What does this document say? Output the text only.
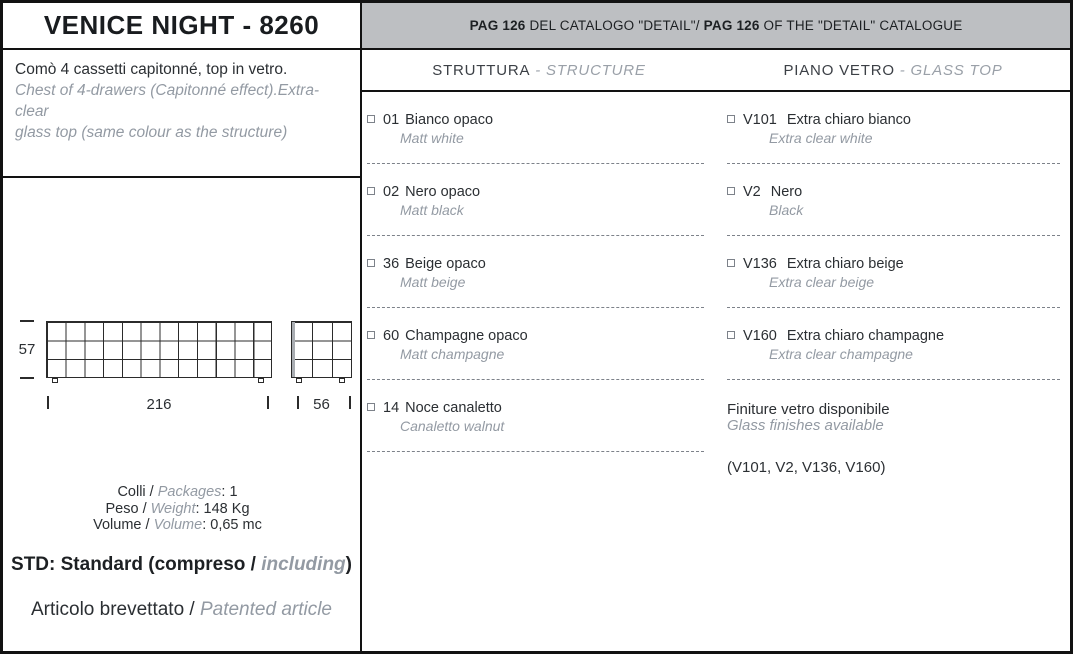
VENICE NIGHT - 8260
Comò 4 cassetti capitonné, top in vetro.
Chest of 4-drawers (Capitonné effect).Extra-clear
glass top (same colour as the structure)
57
216	56
Colli / Packages: 1
Peso / Weight: 148 Kg
Volume / Volume: 0,65 mc
STD: Standard (compreso / including)
Articolo brevettato / Patented article
PAG 126 DEL CATALOGO "DETAIL"/ PAG 126 OF THE "DETAIL" CATALOGUE
STRUTTURA - STRUCTURE	PIANO VETRO - GLASS TOP
01 Bianco opaco
Matt white
02 Nero opaco
Matt black
36 Beige opaco
Matt beige
60 Champagne opaco
Matt champagne
14 Noce canaletto
Canaletto walnut
V101 Extra chiaro bianco
Extra clear white
V2 Nero
Black
V136 Extra chiaro beige
Extra clear beige
V160 Extra chiaro champagne
Extra clear champagne
Finiture vetro disponibile
Glass finishes available
(V101, V2, V136, V160)
